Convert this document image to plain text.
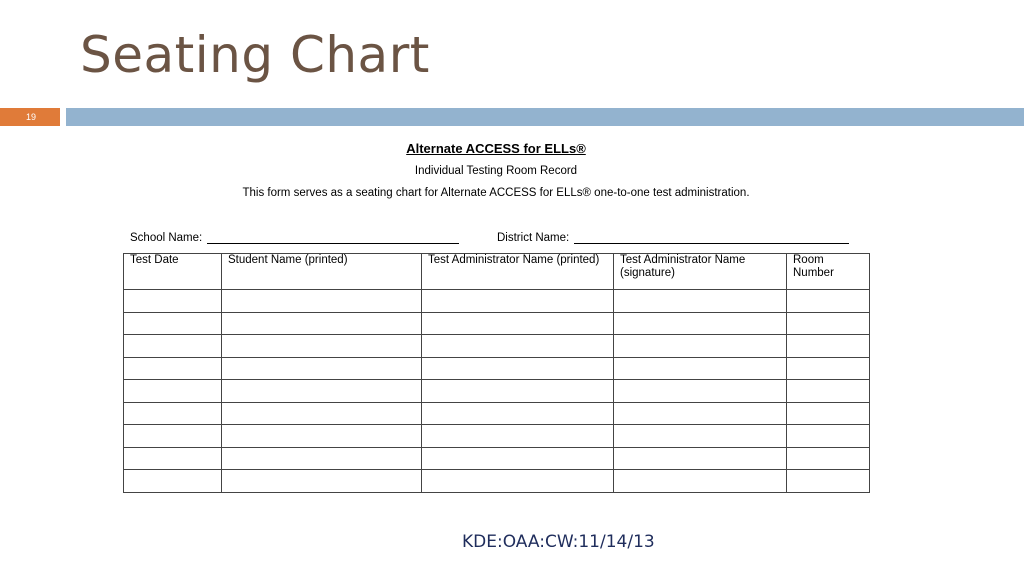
Seating Chart
19
Alternate ACCESS for ELLs®
Individual Testing Room Record
This form serves as a seating chart for Alternate ACCESS for ELLs® one-to-one test administration.
School Name:	District Name:
Test Date	Student Name (printed)	Test Administrator Name (printed)	Test Administrator Name (signature)	Room Number

KDE:OAA:CW:11/14/13
